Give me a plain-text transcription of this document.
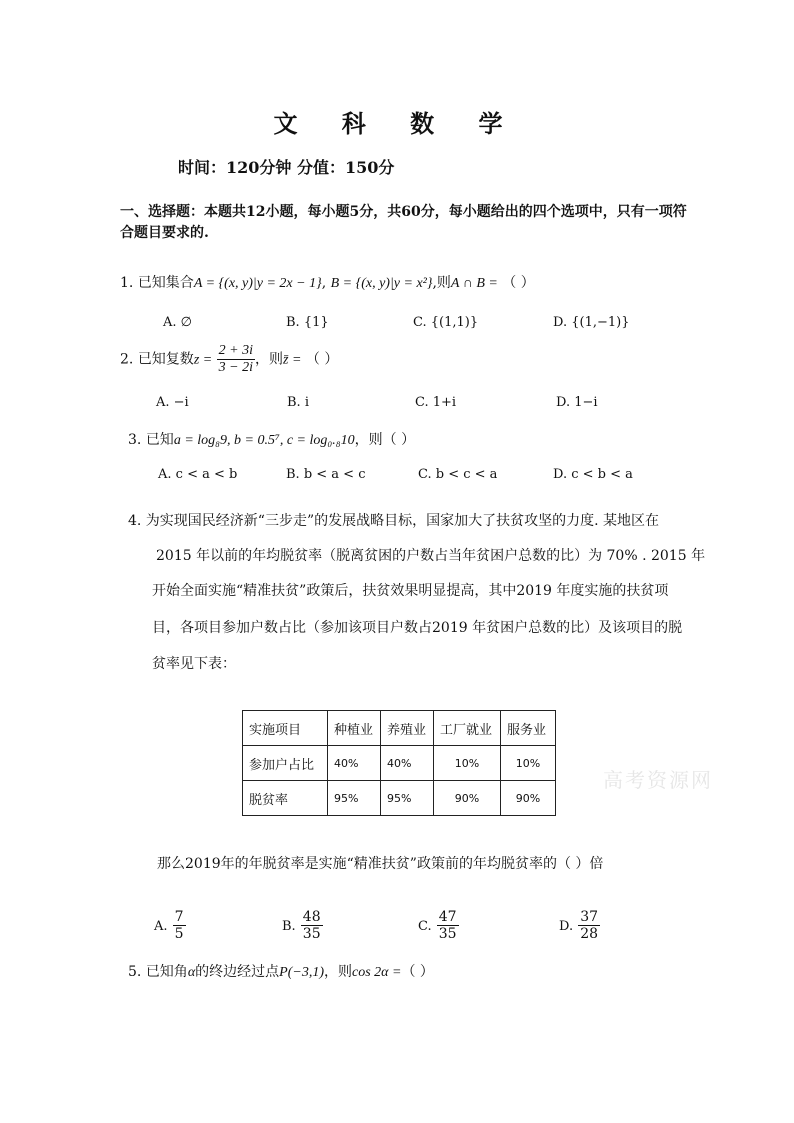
文 科 数 学
时间：120分钟 分值：150分
一、选择题：本题共12小题，每小题5分，共60分，每小题给出的四个选项中，只有一项符
合题目要求的.
1. 已知集合A = {(x, y)|y = 2x − 1}, B = {(x, y)|y = x²},则A ∩ B = （ ）
A. ∅	B. {1}	C. {(1,1)}	D. {(1,−1)}
2. 已知复数$z = \frac{2 + 3i}{3 - 2i}$ ，则z̄ = （ ）
A. −i	B. i	C. 1+i	D. 1−i
3. 已知a = log₈9, b = 0.5⁷, c = log₀.₈10，则（ ）
A. c < a < b	B. b < a < c	C. b < c < a	D. c < b < a
4. 为实现国民经济新“三步走”的发展战略目标，国家加大了扶贫攻坚的力度. 某地区在
2015 年以前的年均脱贫率（脱离贫困的户数占当年贫困户总数的比）为 70% . 2015 年
开始全面实施“精准扶贫”政策后，扶贫效果明显提高，其中2019 年度实施的扶贫项
目，各项目参加户数占比（参加该项目户数占2019 年贫困户总数的比）及该项目的脱
贫率见下表：
实施项目	种植业	养殖业	工厂就业	服务业
参加户占比	40%	40%	10%	10%
脱贫率	95%	95%	90%	90%
高考资源网
那么2019年的年脱贫率是实施“精准扶贫”政策前的年均脱贫率的（ ）倍
A. $\frac{7}{5}$	B. $\frac{48}{35}$	C. $\frac{47}{35}$	D. $\frac{37}{28}$
5. 已知角α的终边经过点P(−3,1)，则cos 2α =（ ）
